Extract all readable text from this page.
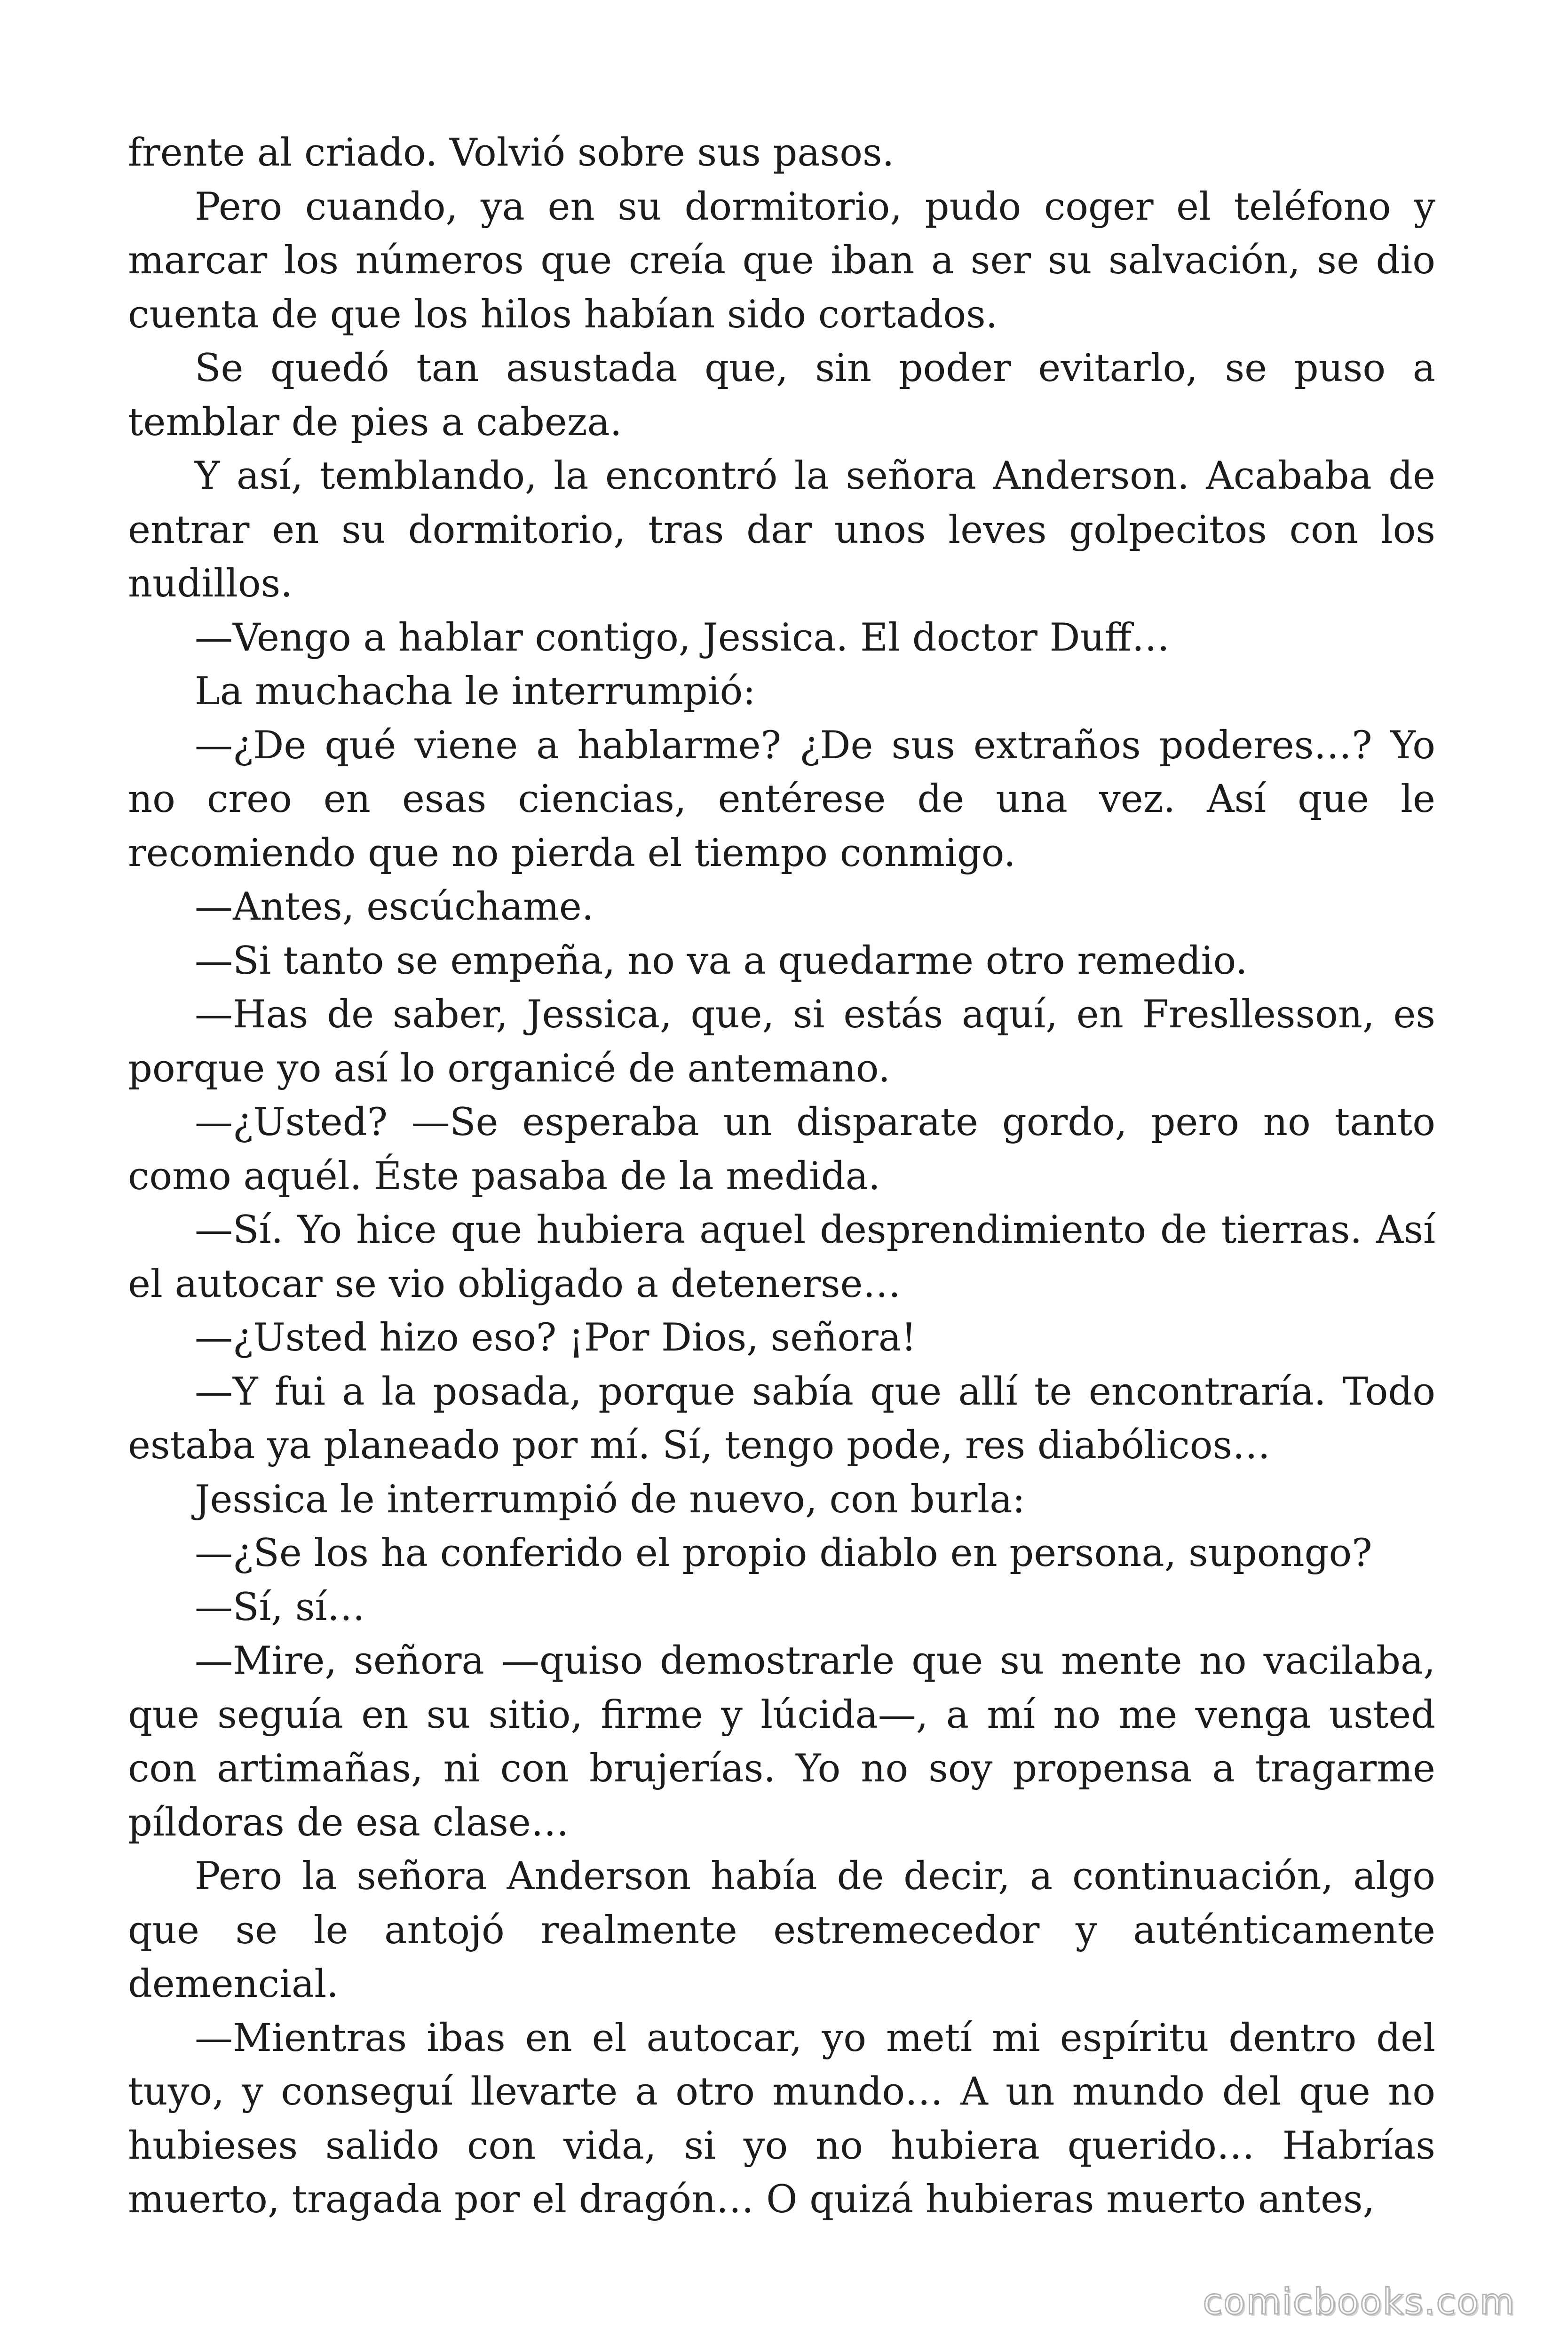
frente al criado. Volvió sobre sus pasos.

Pero cuando, ya en su dormitorio, pudo coger el teléfono y marcar los números que creía que iban a ser su salvación, se dio cuenta de que los hilos habían sido cortados.

Se quedó tan asustada que, sin poder evitarlo, se puso a temblar de pies a cabeza.

Y así, temblando, la encontró la señora Anderson. Acababa de entrar en su dormitorio, tras dar unos leves golpecitos con los nudillos.

—Vengo a hablar contigo, Jessica. El doctor Duff…

La muchacha le interrumpió:

—¿De qué viene a hablarme? ¿De sus extraños poderes…? Yo no creo en esas ciencias, entérese de una vez. Así que le recomiendo que no pierda el tiempo conmigo.

—Antes, escúchame.

—Si tanto se empeña, no va a quedarme otro remedio.

—Has de saber, Jessica, que, si estás aquí, en Fresllesson, es porque yo así lo organicé de antemano.

—¿Usted? —Se esperaba un disparate gordo, pero no tanto como aquél. Éste pasaba de la medida.

—Sí. Yo hice que hubiera aquel desprendimiento de tierras. Así el autocar se vio obligado a detenerse…

—¿Usted hizo eso? ¡Por Dios, señora!

—Y fui a la posada, porque sabía que allí te encontraría. Todo estaba ya planeado por mí. Sí, tengo pode, res diabólicos…

Jessica le interrumpió de nuevo, con burla:

—¿Se los ha conferido el propio diablo en persona, supongo?

—Sí, sí…

—Mire, señora —quiso demostrarle que su mente no vacilaba, que seguía en su sitio, firme y lúcida—, a mí no me venga usted con artimañas, ni con brujerías. Yo no soy propensa a tragarme píldoras de esa clase…

Pero la señora Anderson había de decir, a continuación, algo que se le antojó realmente estremecedor y auténticamente demencial.

—Mientras ibas en el autocar, yo metí mi espíritu dentro del tuyo, y conseguí llevarte a otro mundo… A un mundo del que no hubieses salido con vida, si yo no hubiera querido… Habrías muerto, tragada por el dragón… O quizá hubieras muerto antes,

comicbooks.com
